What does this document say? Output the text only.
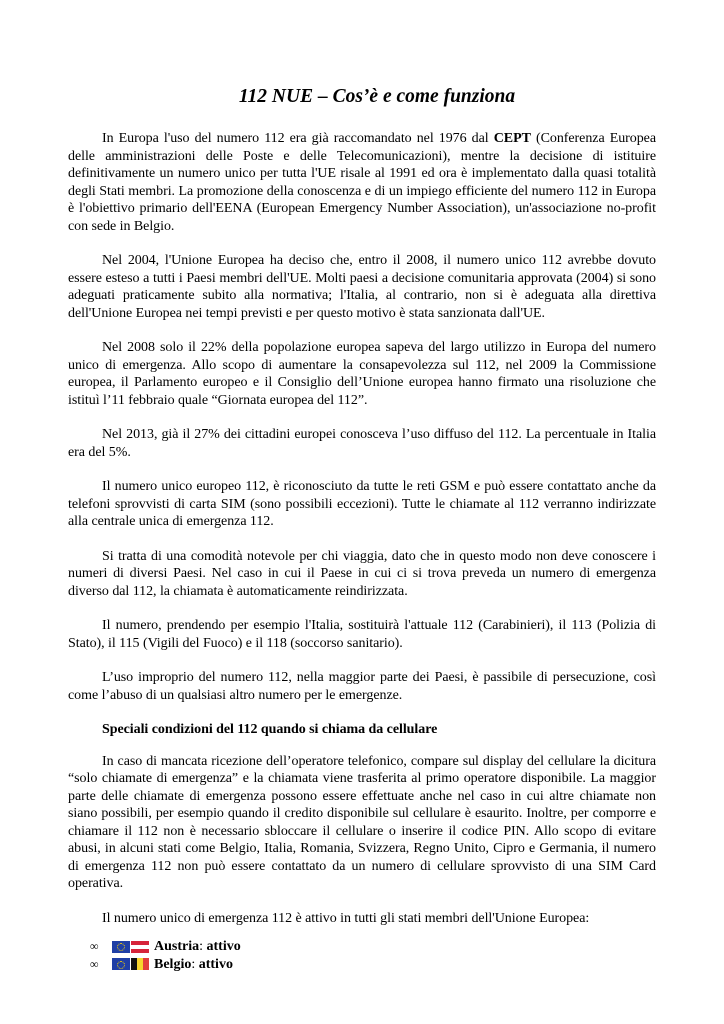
112 NUE – Cos’è e come funziona

In Europa l'uso del numero 112 era già raccomandato nel 1976 dal CEPT (Conferenza Europea delle amministrazioni delle Poste e delle Telecomunicazioni), mentre la decisione di istituire definitivamente un numero unico per tutta l'UE risale al 1991 ed ora è implementato dalla quasi totalità degli Stati membri. La promozione della conoscenza e di un impiego efficiente del numero 112 in Europa è l'obiettivo primario dell'EENA (European Emergency Number Association), un'associazione no-profit con sede in Belgio.

Nel 2004, l'Unione Europea ha deciso che, entro il 2008, il numero unico 112 avrebbe dovuto essere esteso a tutti i Paesi membri dell'UE. Molti paesi a decisione comunitaria approvata (2004) si sono adeguati praticamente subito alla normativa; l'Italia, al contrario, non si è adeguata alla direttiva dell'Unione Europea nei tempi previsti e per questo motivo è stata sanzionata dall'UE.

Nel 2008 solo il 22% della popolazione europea sapeva del largo utilizzo in Europa del numero unico di emergenza. Allo scopo di aumentare la consapevolezza sul 112, nel 2009 la Commissione europea, il Parlamento europeo e il Consiglio dell’Unione europea hanno firmato una risoluzione che istituì l’11 febbraio quale “Giornata europea del 112”.

Nel 2013, già il 27% dei cittadini europei conosceva l’uso diffuso del 112. La percentuale in Italia era del 5%.

Il numero unico europeo 112, è riconosciuto da tutte le reti GSM e può essere contattato anche da telefoni sprovvisti di carta SIM (sono possibili eccezioni). Tutte le chiamate al 112 verranno indirizzate alla centrale unica di emergenza 112.

Si tratta di una comodità notevole per chi viaggia, dato che in questo modo non deve conoscere i numeri di diversi Paesi. Nel caso in cui il Paese in cui ci si trova preveda un numero di emergenza diverso dal 112, la chiamata è automaticamente reindirizzata.

Il numero, prendendo per esempio l'Italia, sostituirà l'attuale 112 (Carabinieri), il 113 (Polizia di Stato), il 115 (Vigili del Fuoco) e il 118 (soccorso sanitario).

L’uso improprio del numero 112, nella maggior parte dei Paesi, è passibile di persecuzione, così come l’abuso di un qualsiasi altro numero per le emergenze.

Speciali condizioni del 112 quando si chiama da cellulare

In caso di mancata ricezione dell’operatore telefonico, compare sul display del cellulare la dicitura “solo chiamate di emergenza” e la chiamata viene trasferita al primo operatore disponibile. La maggior parte delle chiamate di emergenza possono essere effettuate anche nel caso in cui altre chiamate non siano possibili, per esempio quando il credito disponibile sul cellulare è esaurito. Inoltre, per comporre e chiamare il 112 non è necessario sbloccare il cellulare o inserire il codice PIN. Allo scopo di evitare abusi, in alcuni stati come Belgio, Italia, Romania, Svizzera, Regno Unito, Cipro e Germania, il numero di emergenza 112 non può essere contattato da un numero di cellulare sprovvisto di una SIM Card operativa.

Il numero unico di emergenza 112 è attivo in tutti gli stati membri dell'Unione Europea:

∞	Austria : attivo
∞	Belgio : attivo
